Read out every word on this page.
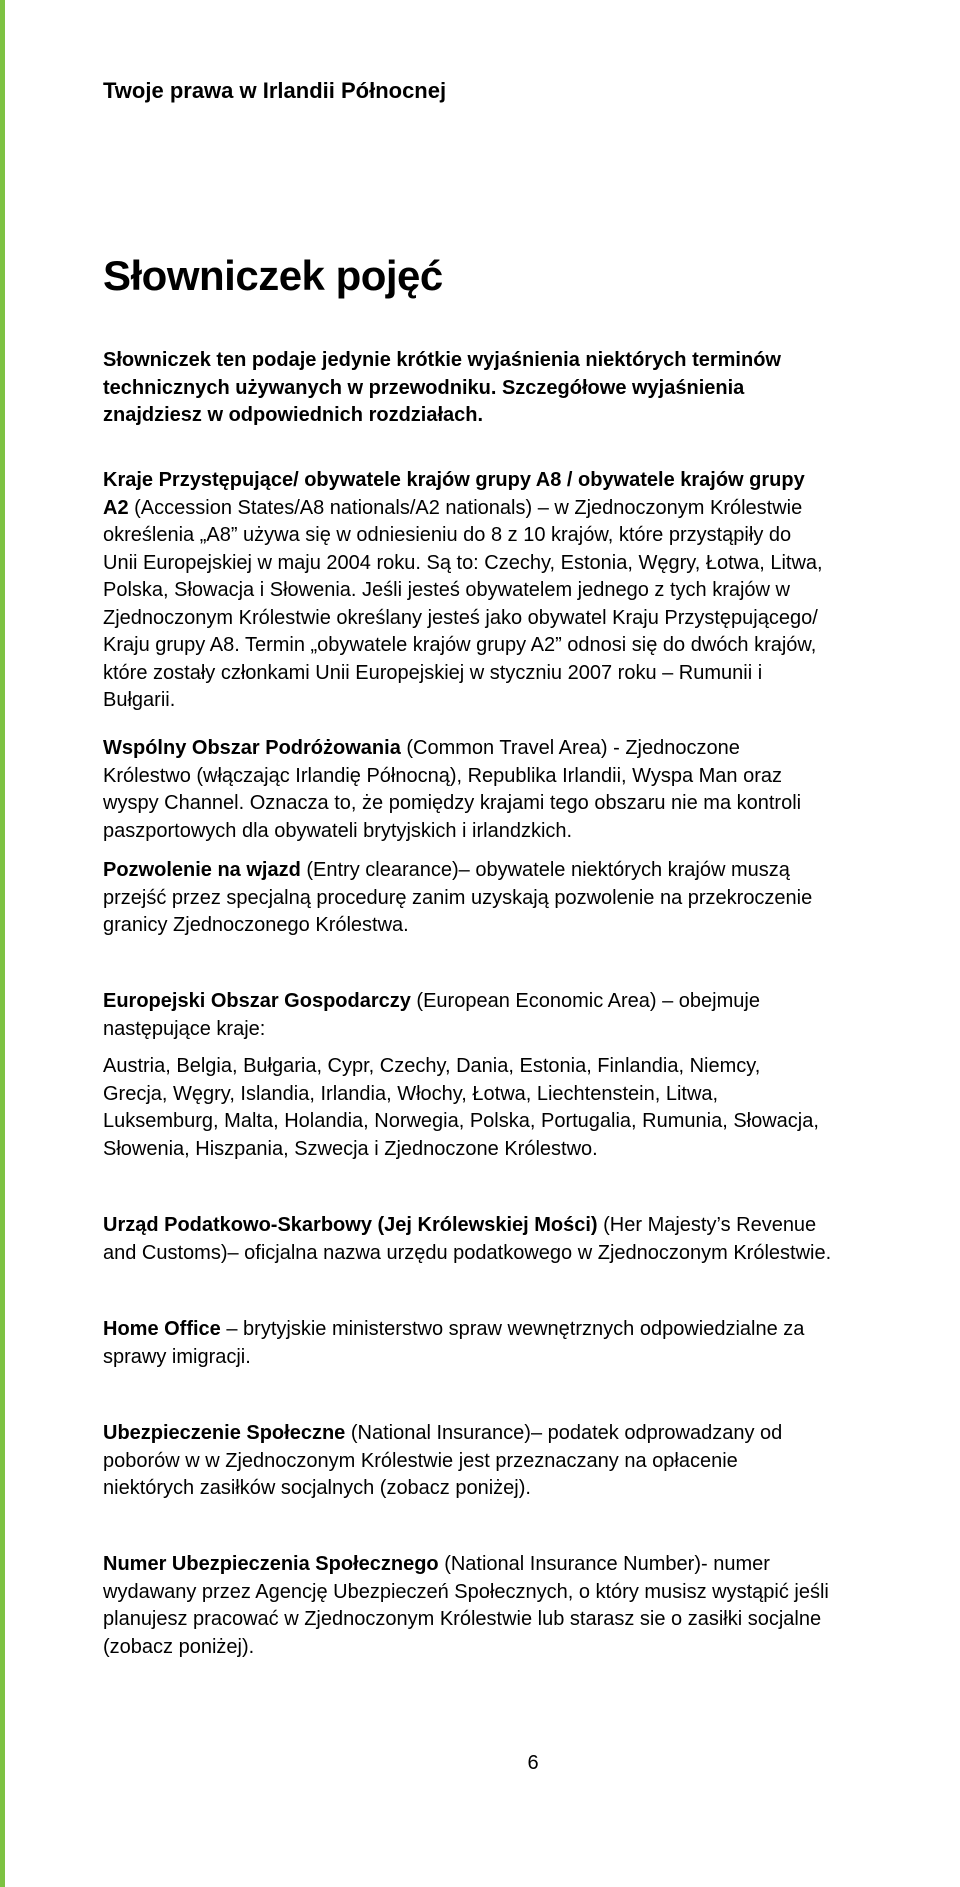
Twoje prawa w Irlandii Północnej
Słowniczek pojęć

Słowniczek ten podaje jedynie krótkie wyjaśnienia niektórych terminów

technicznych używanych w przewodniku. Szczegółowe wyjaśnienia

znajdziesz w odpowiednich rozdziałach.

Kraje Przystępujące/ obywatele krajów grupy A8 / obywatele krajów grupy

A2 (Accession States/A8 nationals/A2 nationals) – w Zjednoczonym Królestwie

określenia „A8” używa się w odniesieniu do 8 z 10 krajów, które przystąpiły do

Unii Europejskiej w maju 2004 roku. Są to: Czechy, Estonia, Węgry, Łotwa, Litwa,

Polska, Słowacja i Słowenia. Jeśli jesteś obywatelem jednego z tych krajów w

Zjednoczonym Królestwie określany jesteś jako obywatel Kraju Przystępującego/

Kraju grupy A8. Termin „obywatele krajów grupy A2” odnosi się do dwóch krajów,

które zostały członkami Unii Europejskiej w styczniu 2007 roku – Rumunii i

Bułgarii.

Wspólny Obszar Podróżowania (Common Travel Area) - Zjednoczone

Królestwo (włączając Irlandię Północną), Republika Irlandii, Wyspa Man oraz

wyspy Channel. Oznacza to, że pomiędzy krajami tego obszaru nie ma kontroli

paszportowych dla obywateli brytyjskich i irlandzkich.

Pozwolenie na wjazd (Entry clearance)– obywatele niektórych krajów muszą

przejść przez specjalną procedurę zanim uzyskają pozwolenie na przekroczenie

granicy Zjednoczonego Królestwa.

Europejski Obszar Gospodarczy (European Economic Area) – obejmuje

następujące kraje:

Austria, Belgia, Bułgaria, Cypr, Czechy, Dania, Estonia, Finlandia, Niemcy,

Grecja, Węgry, Islandia, Irlandia, Włochy, Łotwa, Liechtenstein, Litwa,

Luksemburg, Malta, Holandia, Norwegia, Polska, Portugalia, Rumunia, Słowacja,

Słowenia, Hiszpania, Szwecja i Zjednoczone Królestwo.

Urząd Podatkowo-Skarbowy (Jej Królewskiej Mości) (Her Majesty’s Revenue

and Customs)– oficjalna nazwa urzędu podatkowego w Zjednoczonym Królestwie.

Home Office – brytyjskie ministerstwo spraw wewnętrznych odpowiedzialne za

sprawy imigracji.

Ubezpieczenie Społeczne (National Insurance)– podatek odprowadzany od

poborów w w Zjednoczonym Królestwie jest przeznaczany na opłacenie

niektórych zasiłków socjalnych (zobacz poniżej).

Numer Ubezpieczenia Społecznego (National Insurance Number)- numer

wydawany przez Agencję Ubezpieczeń Społecznych, o który musisz wystąpić jeśli

planujesz pracować w Zjednoczonym Królestwie lub starasz sie o zasiłki socjalne

(zobacz poniżej).

6
